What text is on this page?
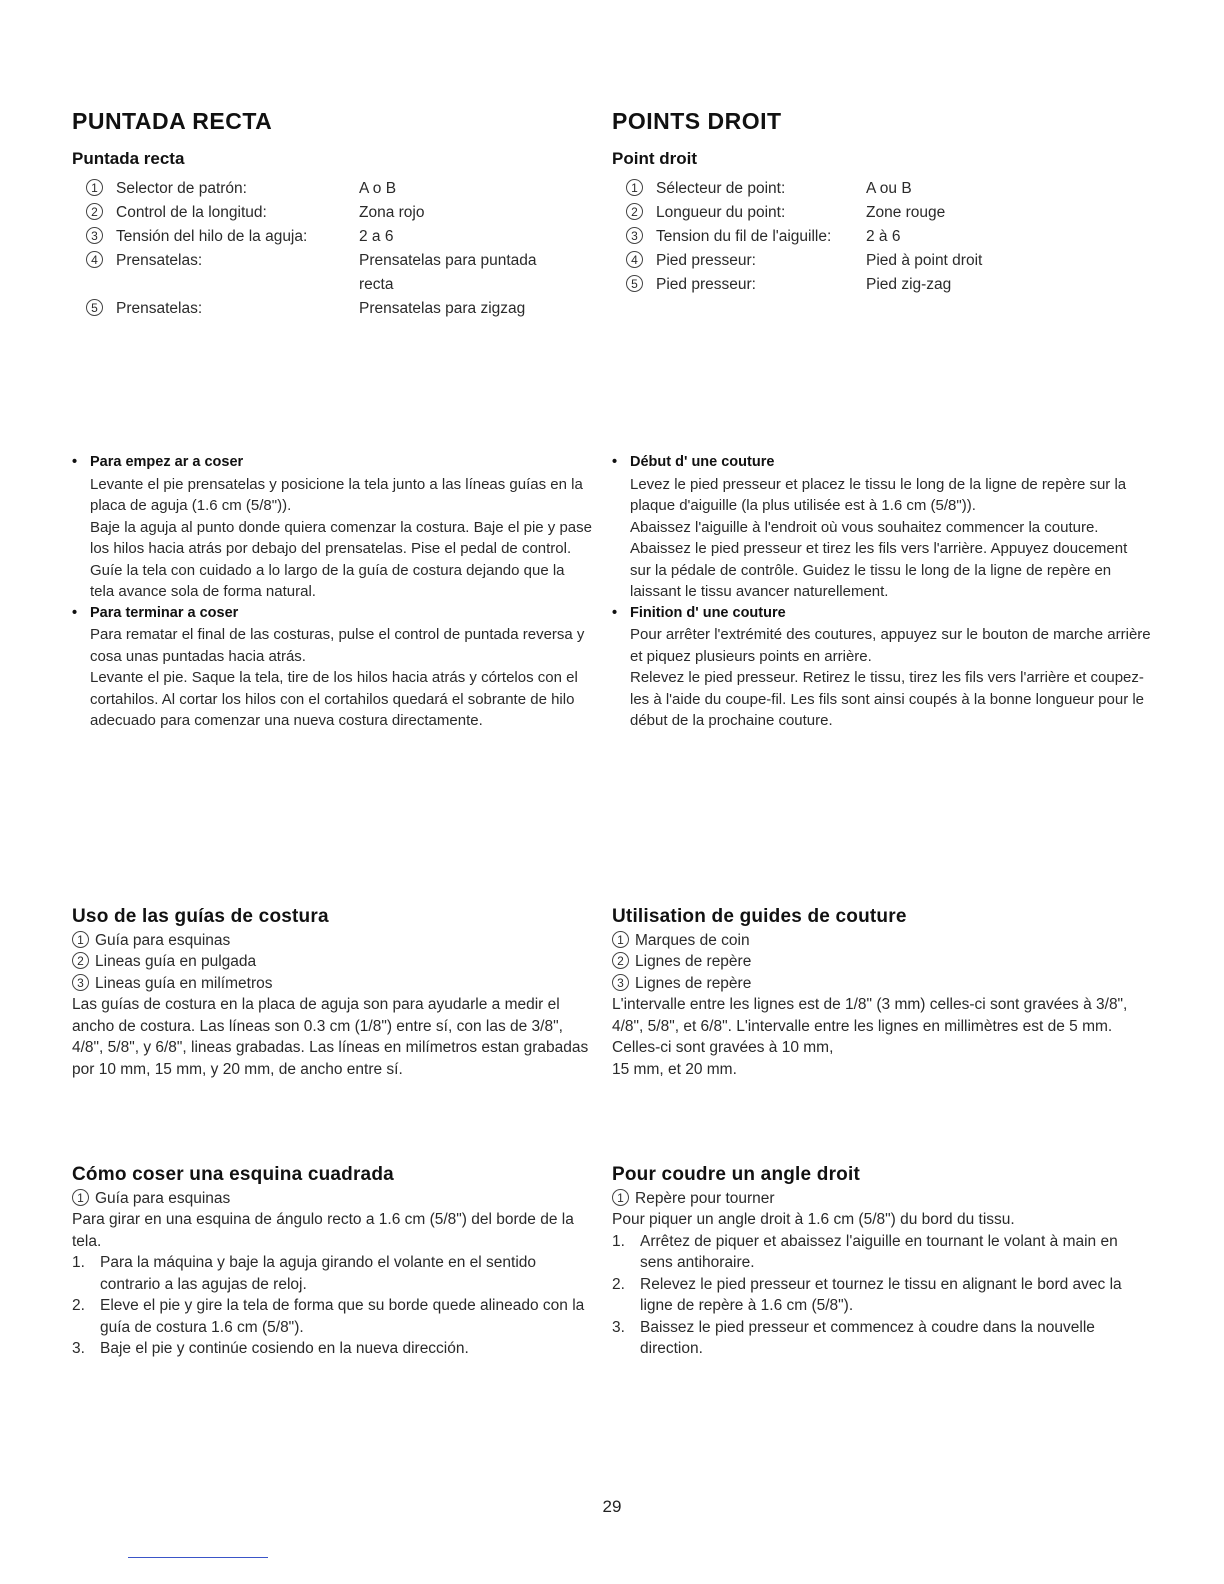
PUNTADA RECTA
Puntada recta
1	Selector de patrón:	A o B
2	Control de la longitud:	Zona rojo
3	Tensión del hilo de la aguja:	2 a 6
4	Prensatelas:	Prensatelas para puntada
recta
5	Prensatelas:	Prensatelas para zigzag
• Para empez ar a coser
Levante el pie prensatelas y posicione la tela junto a las líneas guías en la placa de aguja (1.6 cm (5/8")).
Baje la aguja al punto donde quiera comenzar la costura. Baje el pie y pase los hilos hacia atrás por debajo del prensatelas. Pise el pedal de control. Guíe la tela con cuidado a lo largo de la guía de costura dejando que la tela avance sola de forma natural.
• Para terminar a coser
Para rematar el final de las costuras, pulse el control de puntada reversa y cosa unas puntadas hacia atrás.
Levante el pie. Saque la tela, tire de los hilos hacia atrás y córtelos con el cortahilos. Al cortar los hilos con el cortahilos quedará el sobrante de hilo adecuado para comenzar una nueva costura directamente.
Uso de las guías de costura
1 Guía para esquinas
2 Lineas guía en pulgada
3 Lineas guía en milímetros
Las guías de costura en la placa de aguja son para ayudarle a medir el ancho de costura. Las líneas son 0.3 cm (1/8") entre sí, con las de 3/8", 4/8", 5/8", y 6/8", lineas grabadas. Las líneas en milímetros estan grabadas por 10 mm, 15 mm, y 20 mm, de ancho entre sí.
Cómo coser una esquina cuadrada
1 Guía para esquinas
Para girar en una esquina de ángulo recto a 1.6 cm (5/8") del borde de la tela.
1. Para la máquina y baje la aguja girando el volante en el sentido contrario a las agujas de reloj.
2. Eleve el pie y gire la tela de forma que su borde quede alineado con la guía de costura 1.6 cm (5/8").
3. Baje el pie y continúe cosiendo en la nueva dirección.
POINTS DROIT
Point droit
1	Sélecteur de point:	A ou B
2	Longueur du point:	Zone rouge
3	Tension du fil de l'aiguille:	2 à 6
4	Pied presseur:	Pied à point droit
5	Pied presseur:	Pied zig-zag
• Début d' une couture
Levez le pied presseur et placez le tissu le long de la ligne de repère sur la plaque d'aiguille (la plus utilisée est à 1.6 cm (5/8")).
Abaissez l'aiguille à l'endroit où vous souhaitez commencer la couture. Abaissez le pied presseur et tirez les fils vers l'arrière. Appuyez doucement sur la pédale de contrôle. Guidez le tissu le long de la ligne de repère en laissant le tissu avancer naturellement.
• Finition d' une couture
Pour arrêter l'extrémité des coutures, appuyez sur le bouton de marche arrière et piquez plusieurs points en arrière.
Relevez le pied presseur. Retirez le tissu, tirez les fils vers l'arrière et coupez-les à l'aide du coupe-fil. Les fils sont ainsi coupés à la bonne longueur pour le début de la prochaine couture.
Utilisation de guides de couture
1 Marques de coin
2 Lignes de repère
3 Lignes de repère
L'intervalle entre les lignes est de 1/8" (3 mm) celles-ci sont gravées à 3/8", 4/8", 5/8", et 6/8". L'intervalle entre les lignes en millimètres est de 5 mm. Celles-ci sont gravées à 10 mm,
15 mm, et 20 mm.
Pour coudre un angle droit
1 Repère pour tourner
Pour piquer un angle droit à 1.6 cm (5/8") du bord du tissu.
1. Arrêtez de piquer et abaissez l'aiguille en tournant le volant à main en sens antihoraire.
2. Relevez le pied presseur et tournez le tissu en alignant le bord avec la ligne de repère à 1.6 cm (5/8").
3. Baissez le pied presseur et commencez à coudre dans la nouvelle direction.
29
